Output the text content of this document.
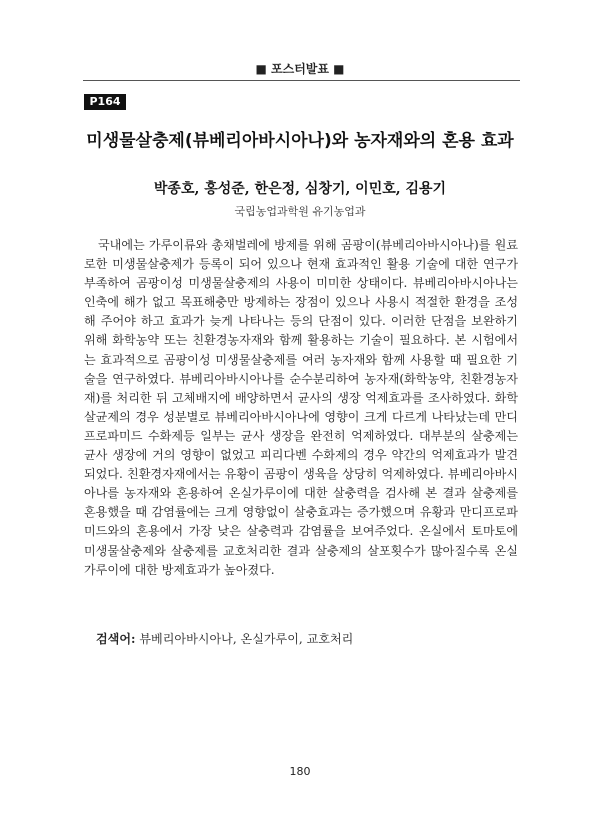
■ 포스터발표 ■
P164
미생물살충제(뷰베리아바시아나)와 농자재와의 혼용 효과
박종호, 홍성준, 한은정, 심창기, 이민호, 김용기
국립농업과학원 유기농업과
국내에는 가루이류와 총채벌레에 방제를 위해 곰팡이(뷰베리아바시아나)를 원료로한 미생물살충제가 등록이 되어 있으나 현재 효과적인 활용 기술에 대한 연구가 부족하여 곰팡이성 미생물살충제의 사용이 미미한 상태이다. 뷰베리아바시아나는 인축에 해가 없고 목표해충만 방제하는 장점이 있으나 사용시 적절한 환경을 조성해 주어야 하고 효과가 늦게 나타나는 등의 단점이 있다. 이러한 단점을 보완하기 위해 화학농약 또는 친환경농자재와 함께 활용하는 기술이 필요하다. 본 시험에서는 효과적으로 곰팡이성 미생물살충제를 여러 농자재와 함께 사용할 때 필요한 기술을 연구하였다. 뷰베리아바시아나를 순수분리하여 농자재(화학농약, 친환경농자재)를 처리한 뒤 고체배지에 배양하면서 균사의 생장 억제효과를 조사하였다. 화학살균제의 경우 성분별로 뷰베리아바시아나에 영향이 크게 다르게 나타났는데 만디프로파미드 수화제등 일부는 균사 생장을 완전히 억제하였다. 대부분의 살충제는 균사 생장에 거의 영향이 없었고 피리다벤 수화제의 경우 약간의 억제효과가 발견되었다. 친환경자재에서는 유황이 곰팡이 생육을 상당히 억제하였다. 뷰베리아바시아나를 농자재와 혼용하여 온실가루이에 대한 살충력을 검사해 본 결과 살충제를 혼용했을 때 감염률에는 크게 영향없이 살충효과는 증가했으며 유황과 만디프로파미드와의 혼용에서 가장 낮은 살충력과 감염률을 보여주었다. 온실에서 토마토에 미생물살충제와 살충제를 교호처리한 결과 살충제의 살포횟수가 많아질수록 온실가루이에 대한 방제효과가 높아졌다.
검색어: 뷰베리아바시아나, 온실가루이, 교호처리
180
